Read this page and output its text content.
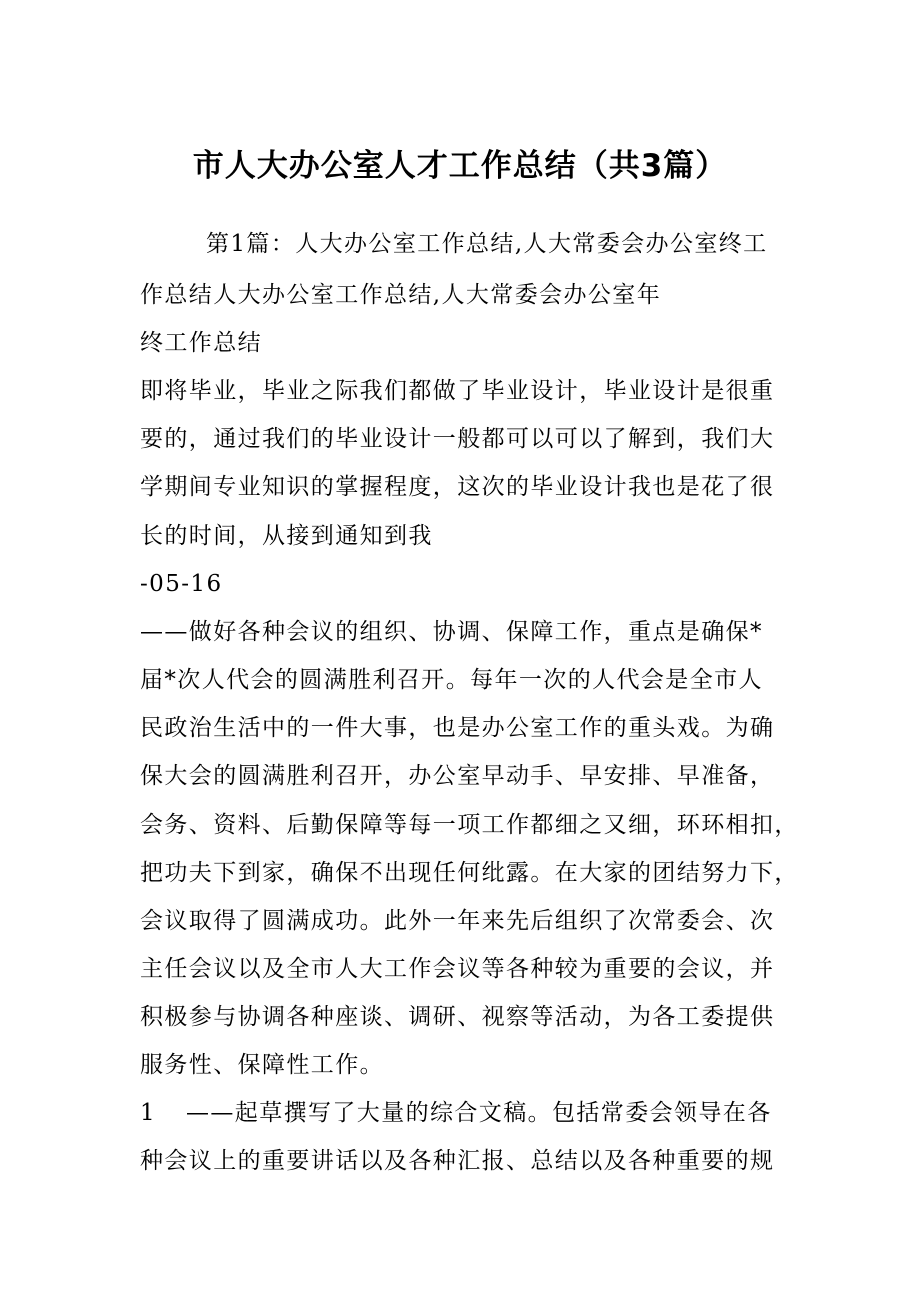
市人大办公室人才工作总结（共3篇）
第1篇：人大办公室工作总结,人大常委会办公室终工
作总结人大办公室工作总结,人大常委会办公室年
终工作总结
即将毕业，毕业之际我们都做了毕业设计，毕业设计是很重
要的，通过我们的毕业设计一般都可以可以了解到，我们大
学期间专业知识的掌握程度，这次的毕业设计我也是花了很
长的时间，从接到通知到我
-05-16
——做好各种会议的组织、协调、保障工作，重点是确保*
届*次人代会的圆满胜利召开。每年一次的人代会是全市人
民政治生活中的一件大事，也是办公室工作的重头戏。为确
保大会的圆满胜利召开，办公室早动手、早安排、早准备，
会务、资料、后勤保障等每一项工作都细之又细，环环相扣，
把功夫下到家，确保不出现任何纰露。在大家的团结努力下，
会议取得了圆满成功。此外一年来先后组织了次常委会、次
主任会议以及全市人大工作会议等各种较为重要的会议，并
积极参与协调各种座谈、调研、视察等活动，为各工委提供
服务性、保障性工作。
1 ——起草撰写了大量的综合文稿。包括常委会领导在各
种会议上的重要讲话以及各种汇报、总结以及各种重要的规
